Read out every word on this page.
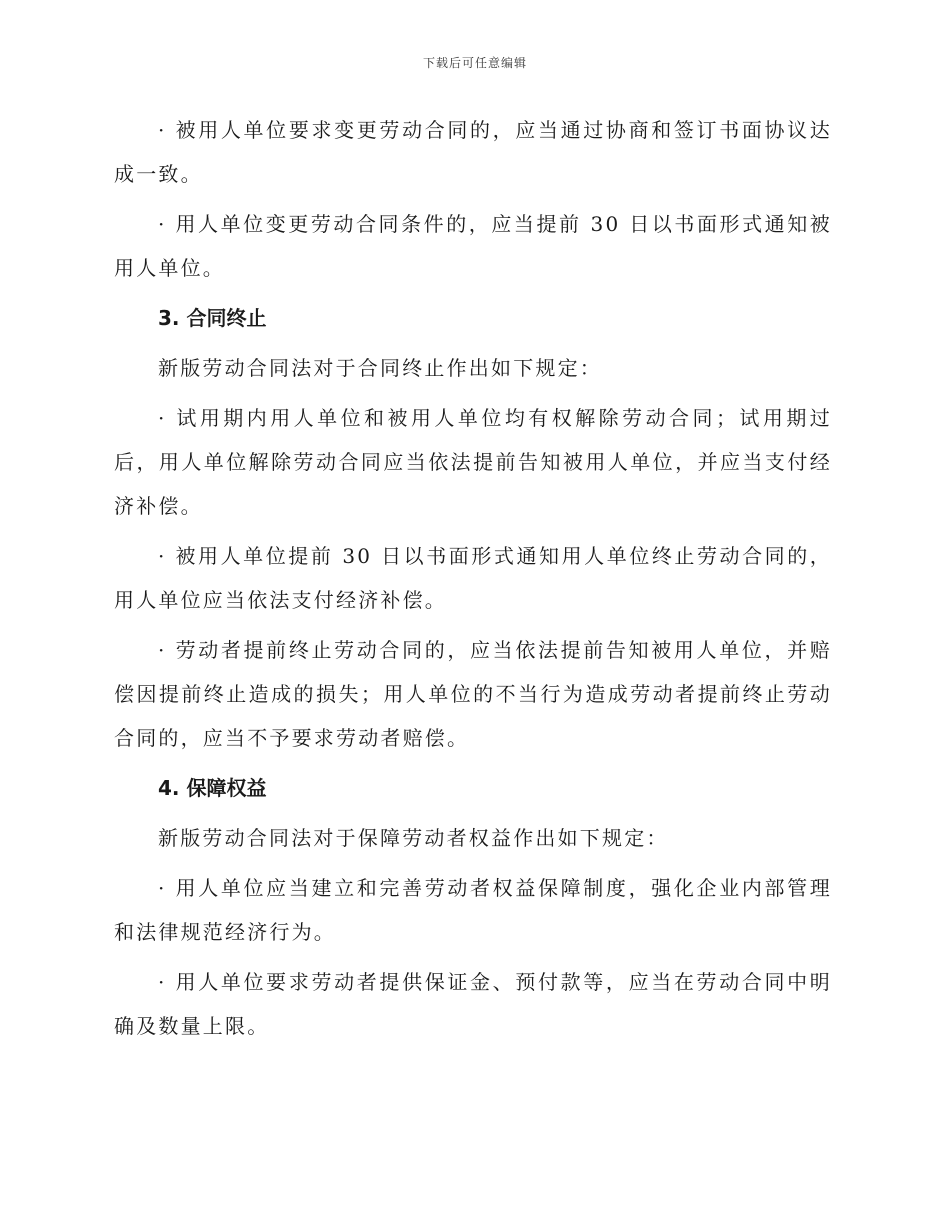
下载后可任意编辑

· 被用人单位要求变更劳动合同的，应当通过协商和签订书面协议达成一致。

· 用人单位变更劳动合同条件的，应当提前 30 日以书面形式通知被用人单位。

3. 合同终止

新版劳动合同法对于合同终止作出如下规定：

· 试用期内用人单位和被用人单位均有权解除劳动合同；试用期过后，用人单位解除劳动合同应当依法提前告知被用人单位，并应当支付经济补偿。

· 被用人单位提前 30 日以书面形式通知用人单位终止劳动合同的，用人单位应当依法支付经济补偿。

· 劳动者提前终止劳动合同的，应当依法提前告知被用人单位，并赔偿因提前终止造成的损失；用人单位的不当行为造成劳动者提前终止劳动合同的，应当不予要求劳动者赔偿。

4. 保障权益

新版劳动合同法对于保障劳动者权益作出如下规定：

· 用人单位应当建立和完善劳动者权益保障制度，强化企业内部管理和法律规范经济行为。

· 用人单位要求劳动者提供保证金、预付款等，应当在劳动合同中明确及数量上限。
